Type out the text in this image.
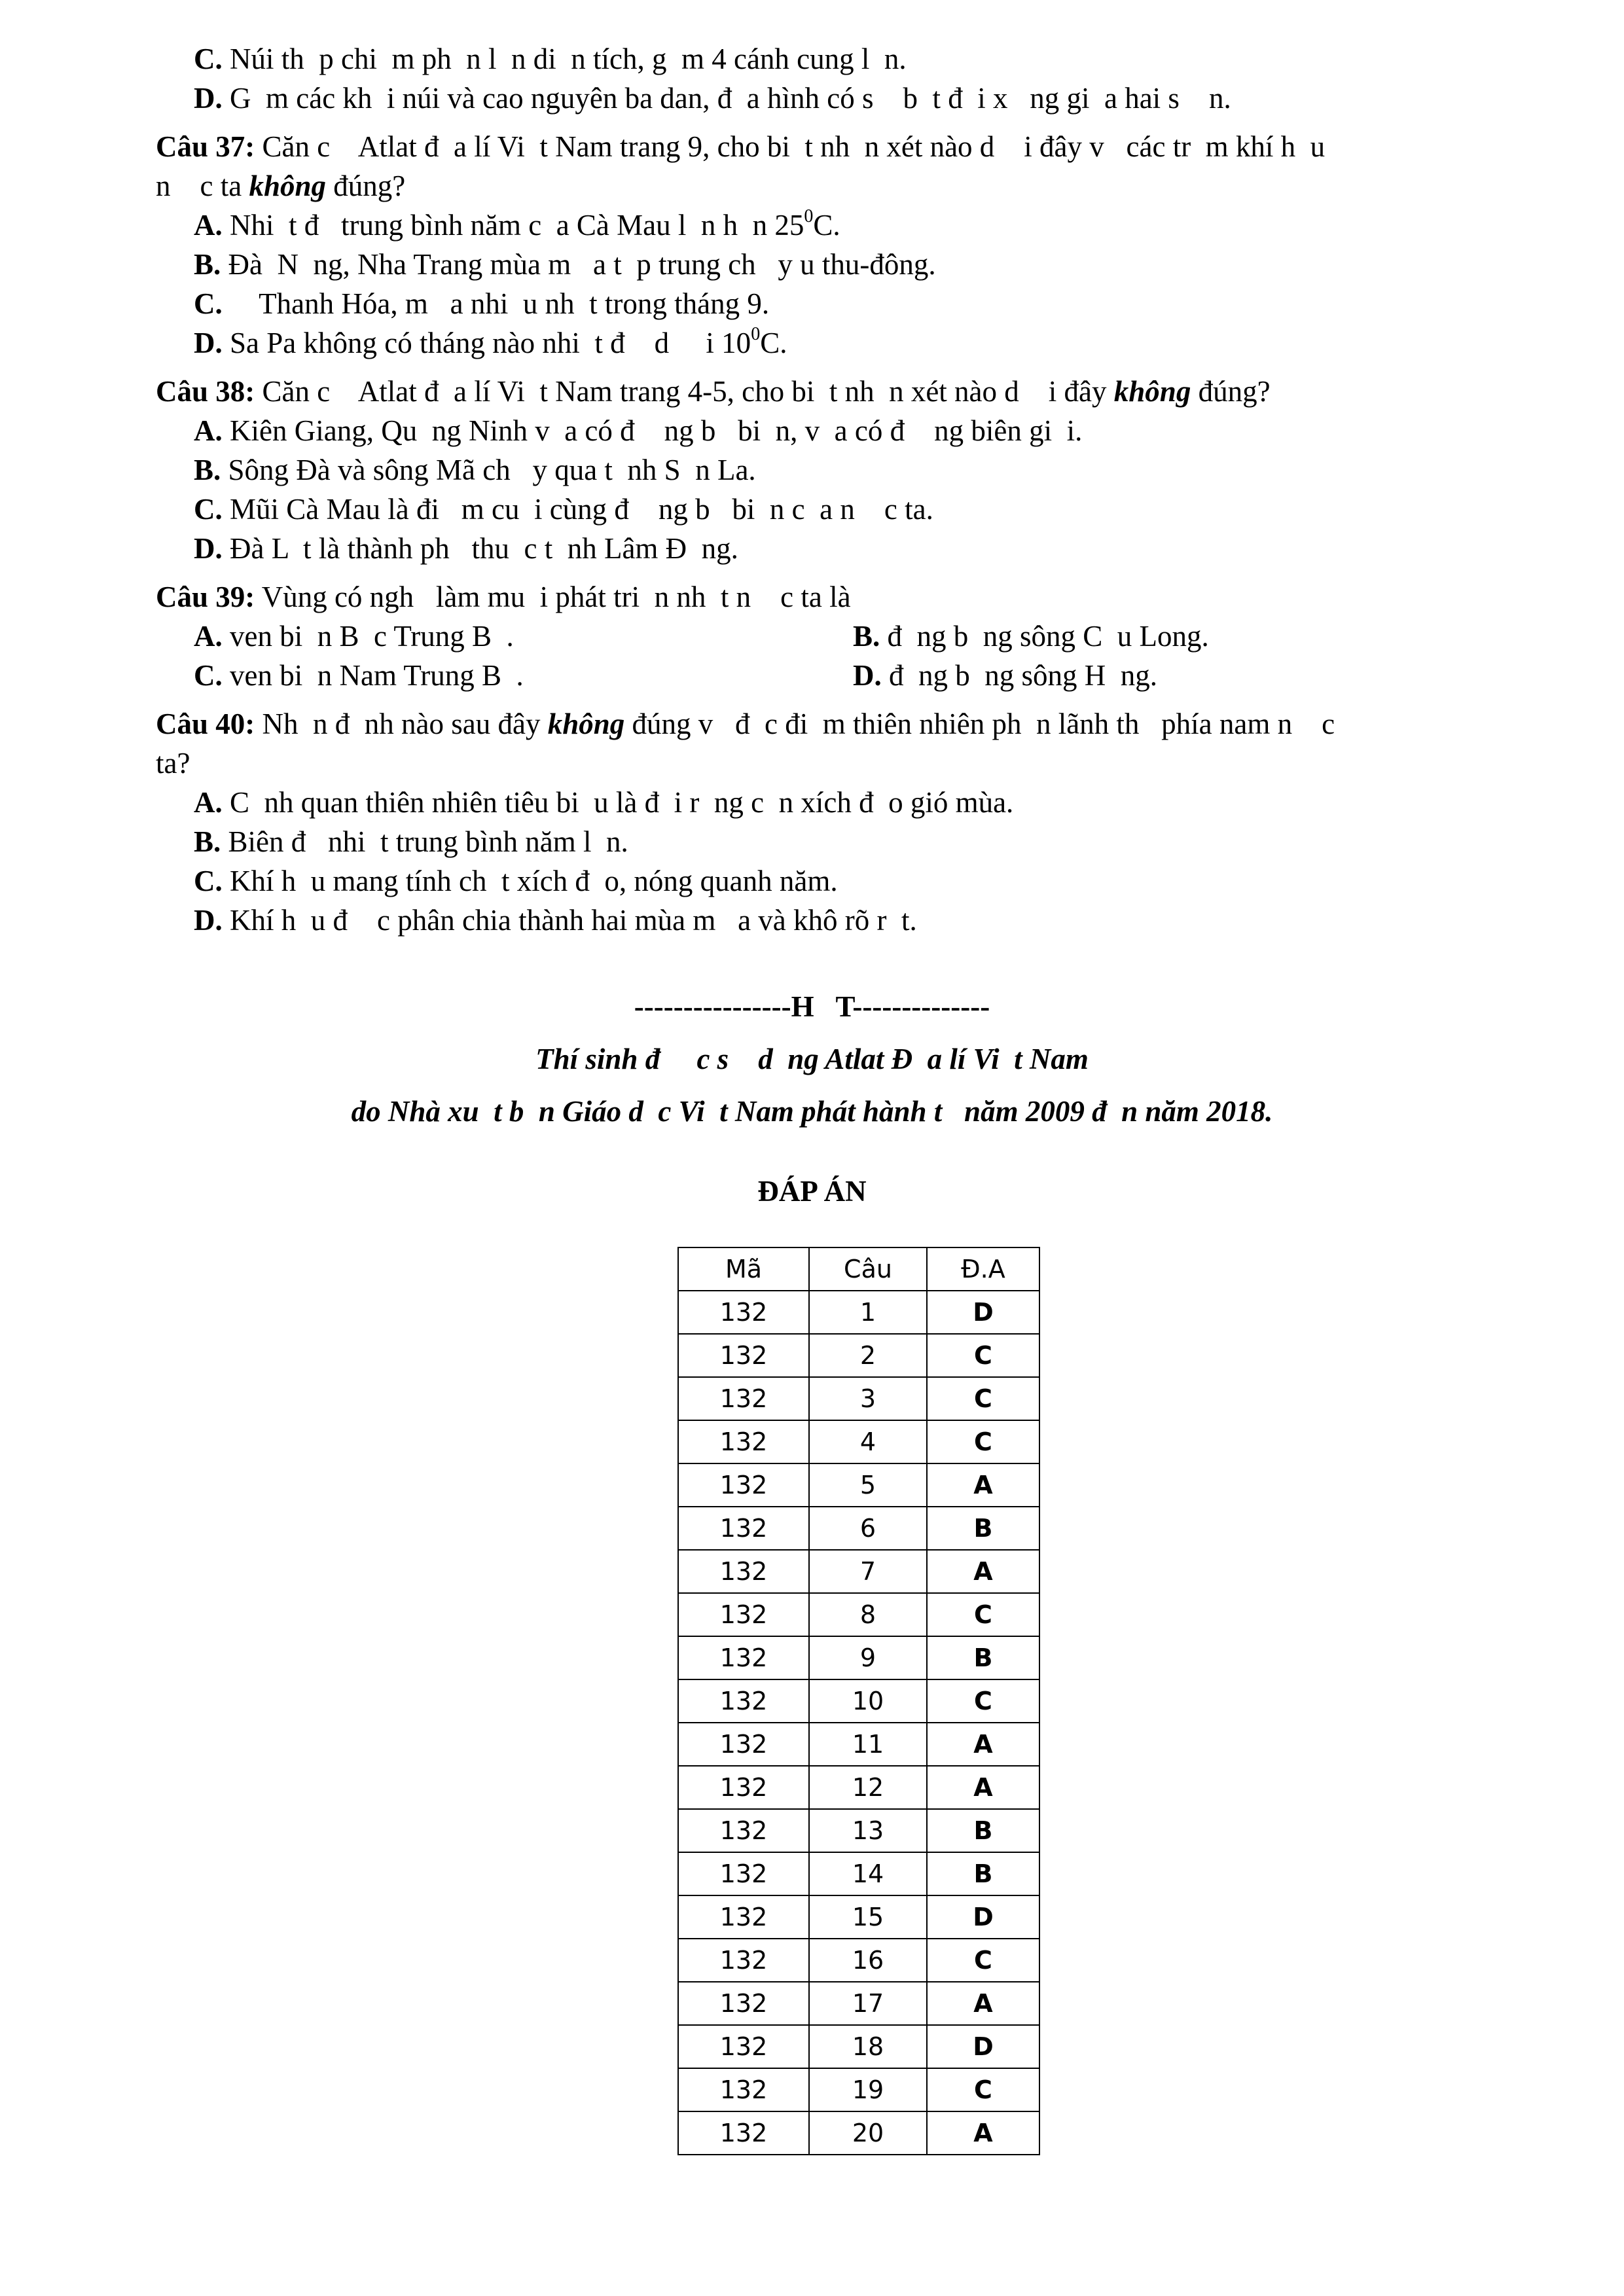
C. Núi th  p chi  m ph  n l  n di  n tích, g  m 4 cánh cung l  n.
D. G  m các kh  i núi và cao nguyên ba dan, đ  a hình có s    b  t đ  i x   ng gi  a hai s    n.
Câu 37: Căn c    Atlat đ  a lí Vi  t Nam trang 9, cho bi  t nh  n xét nào d    i đây v   các tr  m khí h  u
n    c ta không đúng?
A. Nhi  t đ   trung bình năm c  a Cà Mau l  n h  n $25^0C$.
B. Đà  N  ng, Nha Trang mùa m   a t  p trung ch   y u thu-đông.
C.     Thanh Hóa, m   a nhi  u nh  t trong tháng 9.
D. Sa Pa không có tháng nào nhi  t đ    d     i $10^0C$.
Câu 38: Căn c    Atlat đ  a lí Vi  t Nam trang 4-5, cho bi  t nh  n xét nào d    i đây không đúng?
A. Kiên Giang, Qu  ng Ninh v  a có đ    ng b   bi  n, v  a có đ    ng biên gi  i.
B. Sông Đà và sông Mã ch   y qua t  nh S  n La.
C. Mũi Cà Mau là đi   m cu  i cùng đ    ng b   bi  n c  a n    c ta.
D. Đà L  t là thành ph   thu  c t  nh Lâm Đ  ng.
Câu 39: Vùng có ngh   làm mu  i phát tri  n nh  t n    c ta là
A. ven bi  n B  c Trung B  .	B. đ  ng b  ng sông C  u Long.
C. ven bi  n Nam Trung B  .	D. đ  ng b  ng sông H  ng.
Câu 40: Nh  n đ  nh nào sau đây không đúng v   đ  c đi  m thiên nhiên ph  n lãnh th   phía nam n    c
ta?
A. C  nh quan thiên nhiên tiêu bi  u là đ  i r  ng c  n xích đ  o gió mùa.
B. Biên đ   nhi  t trung bình năm l  n.
C. Khí h  u mang tính ch  t xích đ  o, nóng quanh năm.
D. Khí h  u đ    c phân chia thành hai mùa m   a và khô rõ r  t.
----------------H   T--------------
Thí sinh đ     c s    d  ng Atlat Đ  a lí Vi  t Nam
do Nhà xu  t b  n Giáo d  c Vi  t Nam phát hành t   năm 2009 đ  n năm 2018.
ĐÁP ÁN
Mã	Câu	Đ.A
132	1	D
132	2	C
132	3	C
132	4	C
132	5	A
132	6	B
132	7	A
132	8	C
132	9	B
132	10	C
132	11	A
132	12	A
132	13	B
132	14	B
132	15	D
132	16	C
132	17	A
132	18	D
132	19	C
132	20	A
